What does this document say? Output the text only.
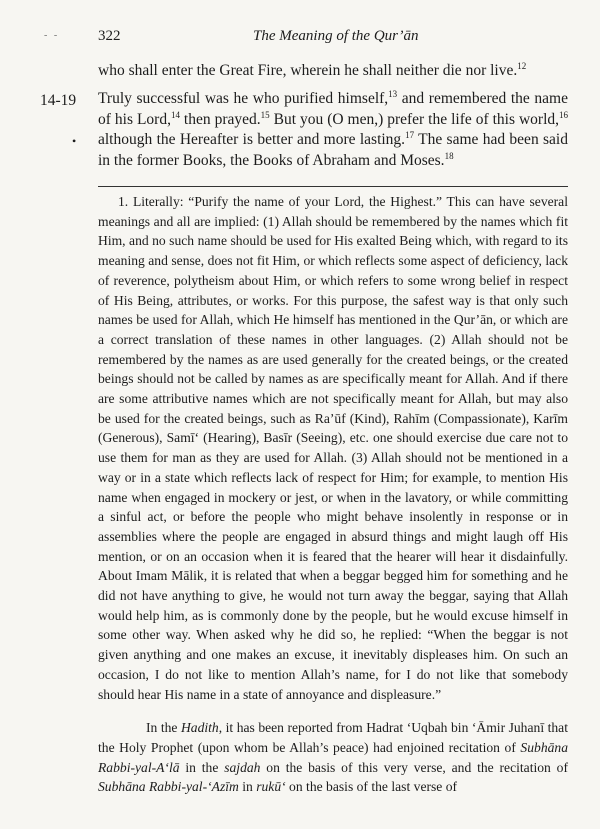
- -	322	The Meaning of the Qur’ān
who shall enter the Great Fire, wherein he shall neither die nor live.$^{12}$
14-19
•
Truly successful was he who purified himself,$^{13}$ and remembered the name of his Lord,$^{14}$ then prayed.$^{15}$ But you (O men,) prefer the life of this world,$^{16}$ although the Hereafter is better and more lasting.$^{17}$ The same had been said in the former Books, the Books of Abraham and Moses.$^{18}$

1. Literally: “Purify the name of your Lord, the Highest.” This can have several meanings and all are implied: (1) Allah should be remembered by the names which fit Him, and no such name should be used for His exalted Being which, with regard to its meaning and sense, does not fit Him, or which reflects some aspect of deficiency, lack of reverence, polytheism about Him, or which refers to some wrong belief in respect of His Being, attributes, or works. For this purpose, the safest way is that only such names be used for Allah, which He himself has mentioned in the Qur’ān, or which are a correct translation of these names in other languages. (2) Allah should not be remembered by the names as are used generally for the created beings, or the created beings should not be called by names as are specifically meant for Allah. And if there are some attributive names which are not specifically meant for Allah, but may also be used for the created beings, such as Ra’ūf (Kind), Rahīm (Compassionate), Karīm (Generous), Samī‘ (Hearing), Basīr (Seeing), etc. one should exercise due care not to use them for man as they are used for Allah. (3) Allah should not be mentioned in a way or in a state which reflects lack of respect for Him; for example, to mention His name when engaged in mockery or jest, or when in the lavatory, or while committing a sinful act, or before the people who might behave insolently in response or in assemblies where the people are engaged in absurd things and might laugh off His mention, or on an occasion when it is feared that the hearer will hear it disdainfully. About Imam Mālik, it is related that when a beggar begged him for something and he did not have anything to give, he would not turn away the beggar, saying that Allah would help him, as is commonly done by the people, but he would excuse himself in some other way. When asked why he did so, he replied: “When the beggar is not given anything and one makes an excuse, it inevitably displeases him. On such an occasion, I do not like to mention Allah’s name, for I do not like that somebody should hear His name in a state of annoyance and displeasure.”

In the Hadith, it has been reported from Hadrat ‘Uqbah bin ‘Āmir Juhanī that the Holy Prophet (upon whom be Allah’s peace) had enjoined recitation of Subhāna Rabbi-yal-A‘lā in the sajdah on the basis of this very verse, and the recitation of Subhāna Rabbi-yal-‘Azīm in rukū‘ on the basis of the last verse of
